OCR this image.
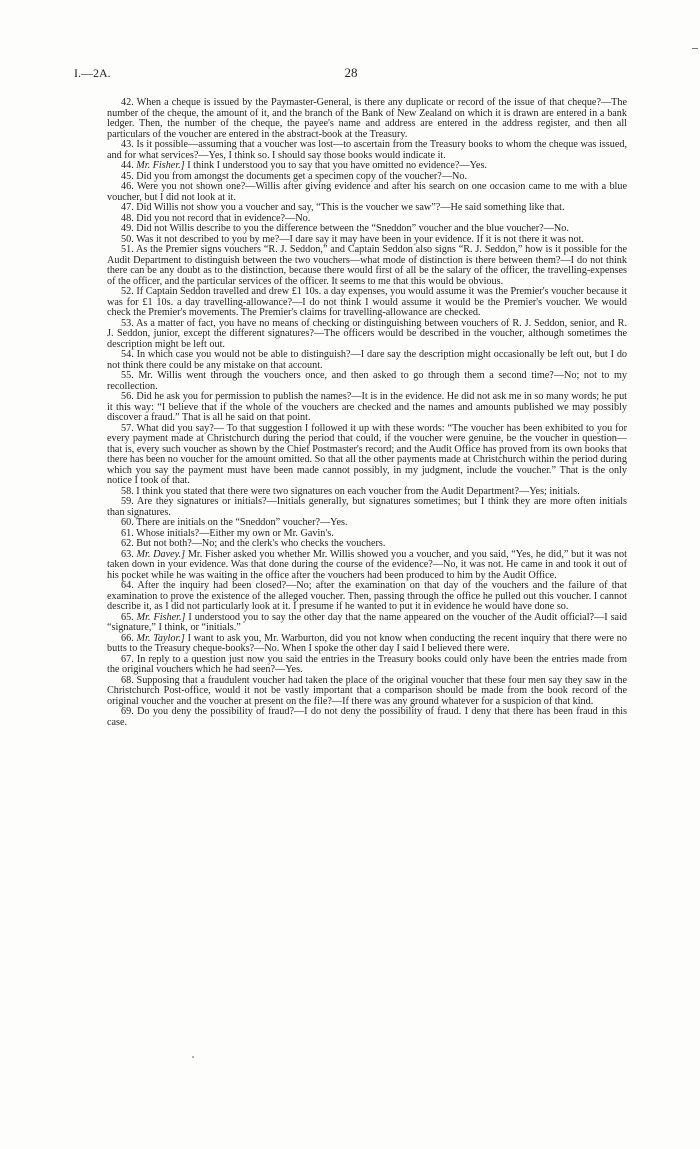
I.—2A.	28

42. When a cheque is issued by the Paymaster-General, is there any duplicate or record of the issue of that cheque?—The number of the cheque, the amount of it, and the branch of the Bank of New Zealand on which it is drawn are entered in a bank ledger. Then, the number of the cheque, the payee's name and address are entered in the address register, and then all particulars of the voucher are entered in the abstract-book at the Treasury.

43. Is it possible—assuming that a voucher was lost—to ascertain from the Treasury books to whom the cheque was issued, and for what services?—Yes, I think so. I should say those books would indicate it.

44. Mr. Fisher.] I think I understood you to say that you have omitted no evidence?—Yes.

45. Did you from amongst the documents get a specimen copy of the voucher?—No.

46. Were you not shown one?—Willis after giving evidence and after his search on one occasion came to me with a blue voucher, but I did not look at it.

47. Did Willis not show you a voucher and say, “This is the voucher we saw”?—He said something like that.

48. Did you not record that in evidence?—No.

49. Did not Willis describe to you the difference between the “Sneddon” voucher and the blue voucher?—No.

50. Was it not described to you by me?—I dare say it may have been in your evidence. If it is not there it was not.

51. As the Premier signs vouchers “R. J. Seddon,” and Captain Seddon also signs “R. J. Seddon,” how is it possible for the Audit Department to distinguish between the two vouchers—what mode of distinction is there between them?—I do not think there can be any doubt as to the distinction, because there would first of all be the salary of the officer, the travelling-expenses of the officer, and the particular services of the officer. It seems to me that this would be obvious.

52. If Captain Seddon travelled and drew £1 10s. a day expenses, you would assume it was the Premier's voucher because it was for £1 10s. a day travelling-allowance?—I do not think I would assume it would be the Premier's voucher. We would check the Premier's movements. The Premier's claims for travelling-allowance are checked.

53. As a matter of fact, you have no means of checking or distinguishing between vouchers of R. J. Seddon, senior, and R. J. Seddon, junior, except the different signatures?—The officers would be described in the voucher, although sometimes the description might be left out.

54. In which case you would not be able to distinguish?—I dare say the description might occasionally be left out, but I do not think there could be any mistake on that account.

55. Mr. Willis went through the vouchers once, and then asked to go through them a second time?—No; not to my recollection.

56. Did he ask you for permission to publish the names?—It is in the evidence. He did not ask me in so many words; he put it this way: “I believe that if the whole of the vouchers are checked and the names and amounts published we may possibly discover a fraud.” That is all he said on that point.

57. What did you say?— To that suggestion I followed it up with these words: “The voucher has been exhibited to you for every payment made at Christchurch during the period that could, if the voucher were genuine, be the voucher in question—that is, every such voucher as shown by the Chief Postmaster's record; and the Audit Office has proved from its own books that there has been no voucher for the amount omitted. So that all the other payments made at Christchurch within the period during which you say the payment must have been made cannot possibly, in my judgment, include the voucher.” That is the only notice I took of that.

58. I think you stated that there were two signatures on each voucher from the Audit Department?—Yes; initials.

59. Are they signatures or initials?—Initials generally, but signatures sometimes; but I think they are more often initials than signatures.

60. There are initials on the “Sneddon” voucher?—Yes.

61. Whose initials?—Either my own or Mr. Gavin's.

62. But not both?—No; and the clerk's who checks the vouchers.

63. Mr. Davey.] Mr. Fisher asked you whether Mr. Willis showed you a voucher, and you said, “Yes, he did,” but it was not taken down in your evidence. Was that done during the course of the evidence?—No, it was not. He came in and took it out of his pocket while he was waiting in the office after the vouchers had been produced to him by the Audit Office.

64. After the inquiry had been closed?—No; after the examination on that day of the vouchers and the failure of that examination to prove the existence of the alleged voucher. Then, passing through the office he pulled out this voucher. I cannot describe it, as I did not particularly look at it. I presume if he wanted to put it in evidence he would have done so.

65. Mr. Fisher.] I understood you to say the other day that the name appeared on the voucher of the Audit official?—I said “signature,” I think, or “initials.”

66. Mr. Taylor.] I want to ask you, Mr. Warburton, did you not know when conducting the recent inquiry that there were no butts to the Treasury cheque-books?—No. When I spoke the other day I said I believed there were.

67. In reply to a question just now you said the entries in the Treasury books could only have been the entries made from the original vouchers which he had seen?—Yes.

68. Supposing that a fraudulent voucher had taken the place of the original voucher that these four men say they saw in the Christchurch Post-office, would it not be vastly important that a comparison should be made from the book record of the original voucher and the voucher at present on the file?—If there was any ground whatever for a suspicion of that kind.

69. Do you deny the possibility of fraud?—I do not deny the possibility of fraud. I deny that there has been fraud in this case.
